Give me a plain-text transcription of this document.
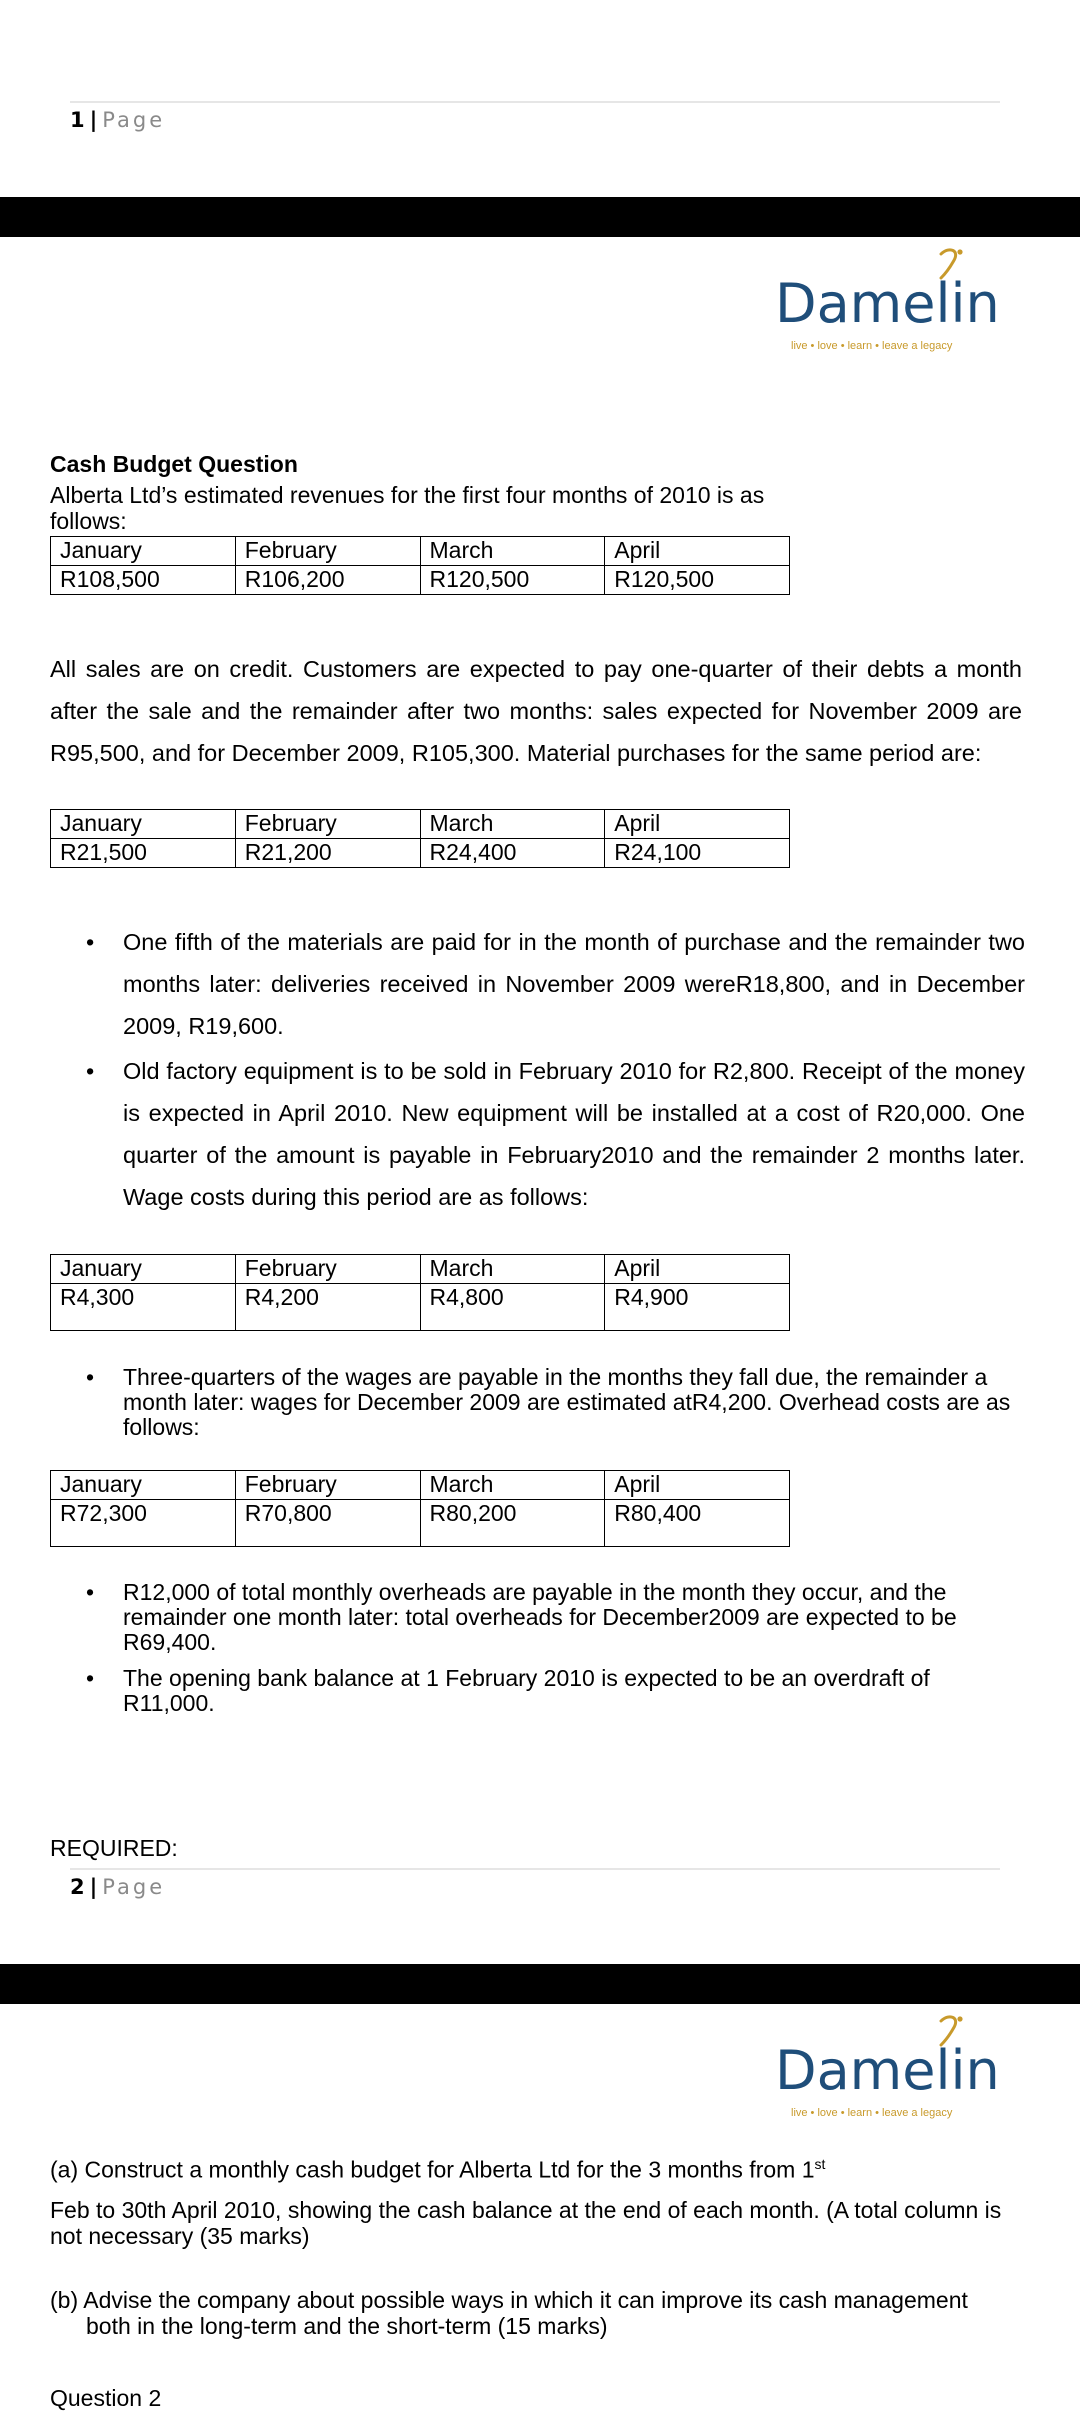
1|Page
Damelin
live • love • learn • leave a legacy
Cash Budget Question
Alberta Ltd’s estimated revenues for the first four months of 2010 is as
follows:
January	February	March	April
R108,500	R106,200	R120,500	R120,500
All sales are on credit. Customers are expected to pay one-quarter of their debts a month after the sale and the remainder after two months: sales expected for November 2009 are R95,500, and for December 2009, R105,300. Material purchases for the same period are:
January	February	March	April
R21,500	R21,200	R24,400	R24,100
• One fifth of the materials are paid for in the month of purchase and the remainder two months later: deliveries received in November 2009 wereR18,800, and in December 2009, R19,600.
• Old factory equipment is to be sold in February 2010 for R2,800. Receipt of the money is expected in April 2010. New equipment will be installed at a cost of R20,000. One quarter of the amount is payable in February2010 and the remainder 2 months later. Wage costs during this period are as follows:
January	February	March	April
R4,300	R4,200	R4,800	R4,900
• Three-quarters of the wages are payable in the months they fall due, the remainder a month later: wages for December 2009 are estimated atR4,200. Overhead costs are as follows:
January	February	March	April
R72,300	R70,800	R80,200	R80,400
• R12,000 of total monthly overheads are payable in the month they occur, and the remainder one month later: total overheads for December2009 are expected to be R69,400.
• The opening bank balance at 1 February 2010 is expected to be an overdraft of R11,000.
REQUIRED:
2|Page
Damelin
live • love • learn • leave a legacy
(a) Construct a monthly cash budget for Alberta Ltd for the 3 months from 1st
Feb to 30th April 2010, showing the cash balance at the end of each month. (A total column is not necessary (35 marks)
(b) Advise the company about possible ways in which it can improve its cash management both in the long-term and the short-term (15 marks)
Question 2
